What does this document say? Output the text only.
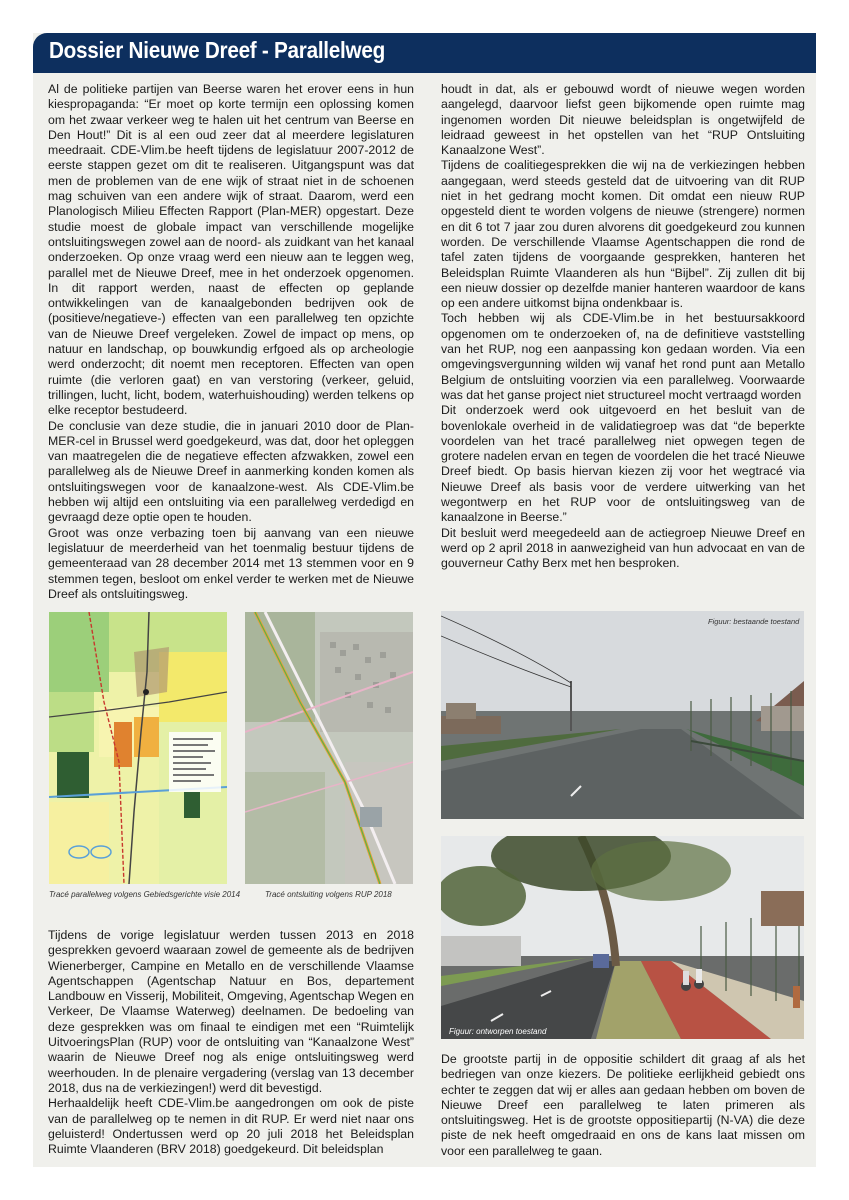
Dossier Nieuwe Dreef - Parallelweg

Al de politieke partijen van Beerse waren het erover eens in hun kiespropaganda: “Er moet op korte termijn een oplossing komen om het zwaar verkeer weg te halen uit het centrum van Beerse en Den Hout!” Dit is al een oud zeer dat al meerdere legislaturen meedraait. CDE-Vlim.be heeft tijdens de legislatuur 2007-2012 de eerste stappen gezet om dit te realiseren. Uitgangspunt was dat men de problemen van de ene wijk of straat niet in de schoenen mag schuiven van een andere wijk of straat. Daarom, werd een Planologisch Milieu Effecten Rapport (Plan-MER) opgestart. Deze studie moest de globale impact van verschillende mogelijke ontsluitingswegen zowel aan de noord- als zuidkant van het kanaal onderzoeken. Op onze vraag werd een nieuw aan te leggen weg, parallel met de Nieuwe Dreef, mee in het onderzoek opgenomen. In dit rapport werden, naast de effecten op geplande ontwikkelingen van de kanaalgebonden bedrijven ook de (positieve/negatieve-) effecten van een parallelweg ten opzichte van de Nieuwe Dreef vergeleken. Zowel de impact op mens, op natuur en landschap, op bouwkundig erfgoed als op archeologie werd onderzocht; dit noemt men receptoren. Effecten van open ruimte (die verloren gaat) en van verstoring (verkeer, geluid, trillingen, lucht, licht, bodem, waterhuishouding) werden telkens op elke receptor bestudeerd.

De conclusie van deze studie, die in januari 2010 door de Plan-MER-cel in Brussel werd goedgekeurd, was dat, door het opleggen van maatregelen die de negatieve effecten afzwakken, zowel een parallelweg als de Nieuwe Dreef in aanmerking konden komen als ontsluitingswegen voor de kanaalzone-west. Als CDE-Vlim.be hebben wij altijd een ontsluiting via een parallelweg verdedigd en gevraagd deze optie open te houden.

Groot was onze verbazing toen bij aanvang van een nieuwe legislatuur de meerderheid van het toenmalig bestuur tijdens de gemeenteraad van 28 december 2014 met 13 stemmen voor en 9 stemmen tegen, besloot om enkel verder te werken met de Nieuwe Dreef als ontsluitingsweg.

houdt in dat, als er gebouwd wordt of nieuwe wegen worden aangelegd, daarvoor liefst geen bijkomende open ruimte mag ingenomen worden Dit nieuwe beleidsplan is ongetwijfeld de leidraad geweest in het opstellen van het “RUP Ontsluiting Kanaalzone West”.

Tijdens de coalitiegesprekken die wij na de verkiezingen hebben aangegaan, werd steeds gesteld dat de uitvoering van dit RUP niet in het gedrang mocht komen. Dit omdat een nieuw RUP opgesteld dient te worden volgens de nieuwe (strengere) normen en dit 6 tot 7 jaar zou duren alvorens dit goedgekeurd zou kunnen worden. De verschillende Vlaamse Agentschappen die rond de tafel zaten tijdens de voorgaande gesprekken, hanteren het Beleidsplan Ruimte Vlaanderen als hun “Bijbel”. Zij zullen dit bij een nieuw dossier op dezelfde manier hanteren waardoor de kans op een andere uitkomst bijna ondenkbaar is.

Toch hebben wij als CDE-Vlim.be in het bestuursakkoord opgenomen om te onderzoeken of, na de definitieve vaststelling van het RUP, nog een aanpassing kon gedaan worden. Via een omgevingsvergunning wilden wij vanaf het rond punt aan Metallo Belgium de ontsluiting voorzien via een parallelweg. Voorwaarde was dat het ganse project niet structureel mocht vertraagd worden

Dit onderzoek werd ook uitgevoerd en het besluit van de bovenlokale overheid in de validatiegroep was dat “de beperkte voordelen van het tracé parallelweg niet opwegen tegen de grotere nadelen ervan en tegen de voordelen die het tracé Nieuwe Dreef biedt. Op basis hiervan kiezen zij voor het wegtracé via Nieuwe Dreef als basis voor de verdere uitwerking van het wegontwerp en het RUP voor de ontsluitingsweg van de kanaalzone in Beerse.”

Dit besluit werd meegedeeld aan de actiegroep Nieuwe Dreef en werd op 2 april 2018 in aanwezigheid van hun advocaat en van de gouverneur Cathy Berx met hen besproken.

Tracé parallelweg volgens Gebiedsgerichte visie 2014	Tracé ontsluiting volgens RUP 2018
Figuur: bestaande toestand
Figuur: ontworpen toestand

Tijdens de vorige legislatuur werden tussen 2013 en 2018 gesprekken gevoerd waaraan zowel de gemeente als de bedrijven Wienerberger, Campine en Metallo en de verschillende Vlaamse Agentschappen (Agentschap Natuur en Bos, departement Landbouw en Visserij, Mobiliteit, Omgeving, Agentschap Wegen en Verkeer, De Vlaamse Waterweg) deelnamen. De bedoeling van deze gesprekken was om finaal te eindigen met een “Ruimtelijk UitvoeringsPlan (RUP) voor de ontsluiting van “Kanaalzone West” waarin de Nieuwe Dreef nog als enige ontsluitingsweg werd weerhouden. In de plenaire vergadering (verslag van 13 december 2018, dus na de verkiezingen!) werd dit bevestigd.

Herhaaldelijk heeft CDE-Vlim.be aangedrongen om ook de piste van de parallelweg op te nemen in dit RUP. Er werd niet naar ons geluisterd! Ondertussen werd op 20 juli 2018 het Beleidsplan Ruimte Vlaanderen (BRV 2018) goedgekeurd. Dit beleidsplan

De grootste partij in de oppositie schildert dit graag af als het bedriegen van onze kiezers. De politieke eerlijkheid gebiedt ons echter te zeggen dat wij er alles aan gedaan hebben om boven de Nieuwe Dreef een parallelweg te laten primeren als ontsluitingsweg. Het is de grootste oppositiepartij (N-VA) die deze piste de nek heeft omgedraaid en ons de kans laat missen om voor een parallelweg te gaan.
